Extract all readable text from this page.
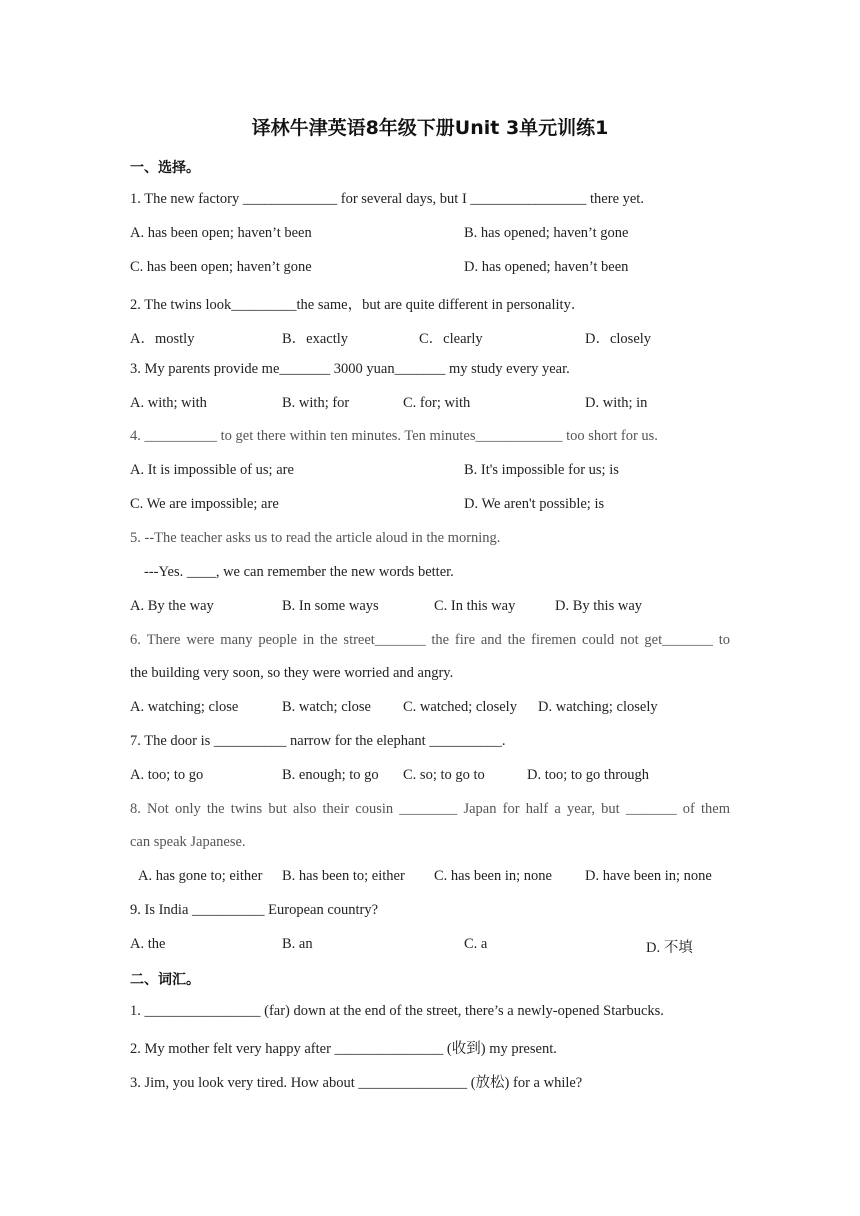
译林牛津英语8年级下册Unit 3单元训练1
一、选择。
1. The new factory _____________ for several days, but I ________________ there yet.
A. has been open; haven’t been	B. has opened; haven’t gone
C. has been open; haven’t gone	D. has opened; haven’t been
2. The twins look_________the same，but are quite different in personality．
A．mostly	B．exactly	C．clearly	D．closely
3. My parents provide me_______ 3000 yuan_______ my study every year.
A. with; with	B. with; for	C. for; with	D. with; in
4. __________ to get there within ten minutes. Ten minutes____________ too short for us.
A. It is impossible of us; are	B. It's impossible for us; is
C. We are impossible; are	D. We aren't possible; is
5. --The teacher asks us to read the article aloud in the morning.
---Yes. ____, we can remember the new words better.
A. By the way	B. In some ways	C. In this way	D. By this way
6. There were many people in the street_______ the fire and the firemen could not get_______ to
the building very soon, so they were worried and angry.
A. watching; close	B. watch; close C. watched; closely D. watching; closely
7. The door is __________ narrow for the elephant __________.
A. too; to go	B. enough; to go C. so; to go to	D. too; to go through
8. Not only the twins but also their cousin ________ Japan for half a year, but _______ of them
can speak Japanese.
A. has gone to; either B. has been to; either C. has been in; none D. have been in; none
9. Is India __________ European country?
A. the	B. an	C. a	D. 不填
二、词汇。
1. ________________ (far) down at the end of the street, there’s a newly-opened Starbucks.
2. My mother felt very happy after _______________ (收到) my present.
3. Jim, you look very tired. How about _______________ (放松) for a while?
